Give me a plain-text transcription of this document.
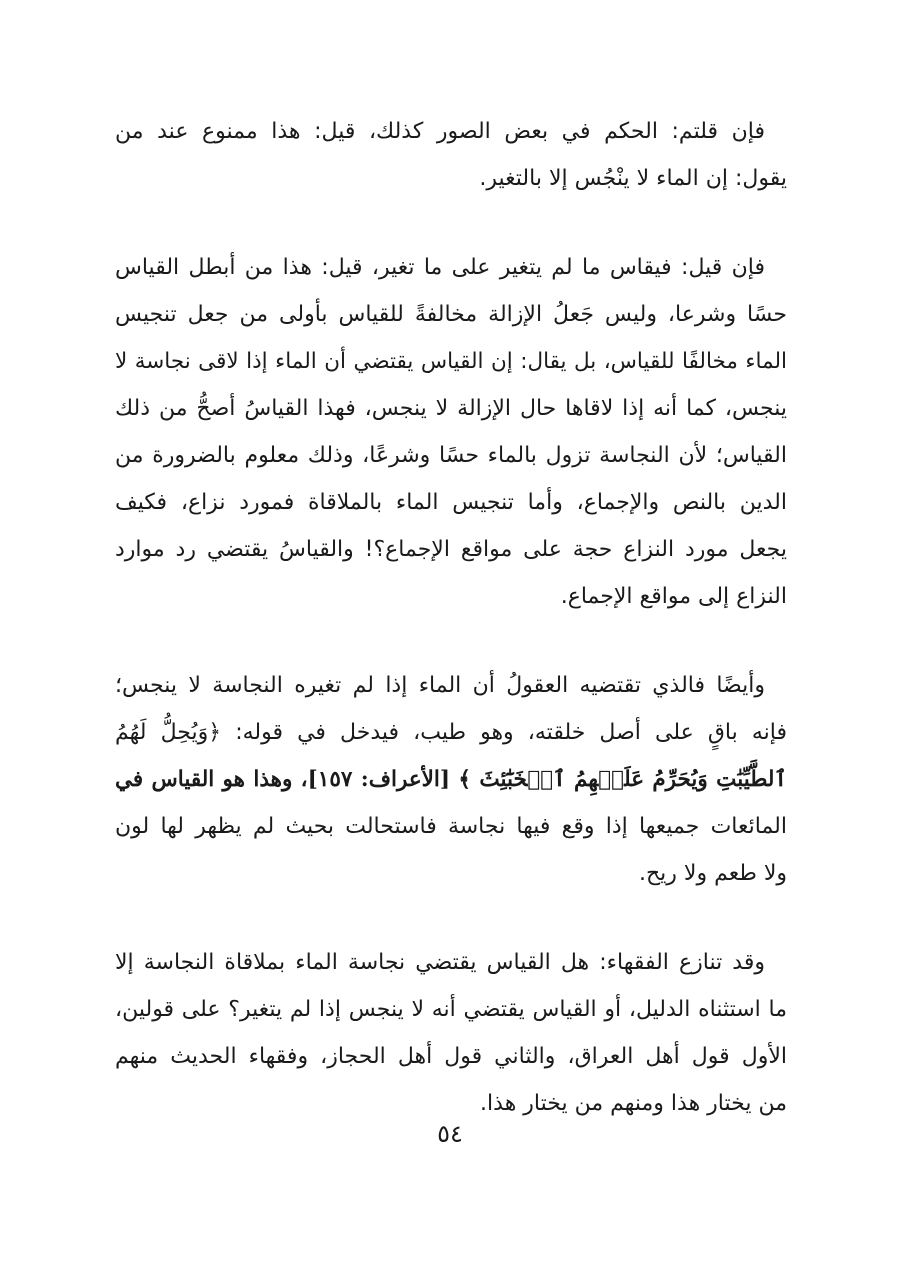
فإن قلتم: الحكم في بعض الصور كذلك، قيل: هذا ممنوع عند من
يقول: إن الماء لا ينْجُس إلا بالتغير.
فإن قيل: فيقاس ما لم يتغير على ما تغير، قيل: هذا من أبطل القياس
حسًا وشرعا، وليس جَعلُ الإزالة مخالفةً للقياس بأولى من جعل تنجيس
الماء مخالفًا للقياس، بل يقال: إن القياس يقتضي أن الماء إذا لاقى نجاسة لا
ينجس، كما أنه إذا لاقاها حال الإزالة لا ينجس، فهذا القياسُ أصحُّ من ذلك
القياس؛ لأن النجاسة تزول بالماء حسًا وشرعًا، وذلك معلوم بالضرورة من
الدين بالنص والإجماع، وأما تنجيس الماء بالملاقاة فمورد نزاع، فكيف
يجعل مورد النزاع حجة على مواقع الإجماع؟! والقياسُ يقتضي رد موارد
النزاع إلى مواقع الإجماع.
وأيضًا فالذي تقتضيه العقولُ أن الماء إذا لم تغيره النجاسة لا ينجس؛
فإنه باقٍ على أصل خلقته، وهو طيب، فيدخل في قوله: ﴿وَيُحِلُّ لَهُمُ
ٱلطَّيِّبَٰتِ وَيُحَرِّمُ عَلَيۡهِمُ ٱلۡخَبَٰٓئِثَ ﴾ [الأعراف: ١٥٧]، وهذا هو القياس في
المائعات جميعها إذا وقع فيها نجاسة فاستحالت بحيث لم يظهر لها لون
ولا طعم ولا ريح.
وقد تنازع الفقهاء: هل القياس يقتضي نجاسة الماء بملاقاة النجاسة إلا
ما استثناه الدليل، أو القياس يقتضي أنه لا ينجس إذا لم يتغير؟ على قولين،
الأول قول أهل العراق، والثاني قول أهل الحجاز، وفقهاء الحديث منهم
من يختار هذا ومنهم من يختار هذا.
٥٤
